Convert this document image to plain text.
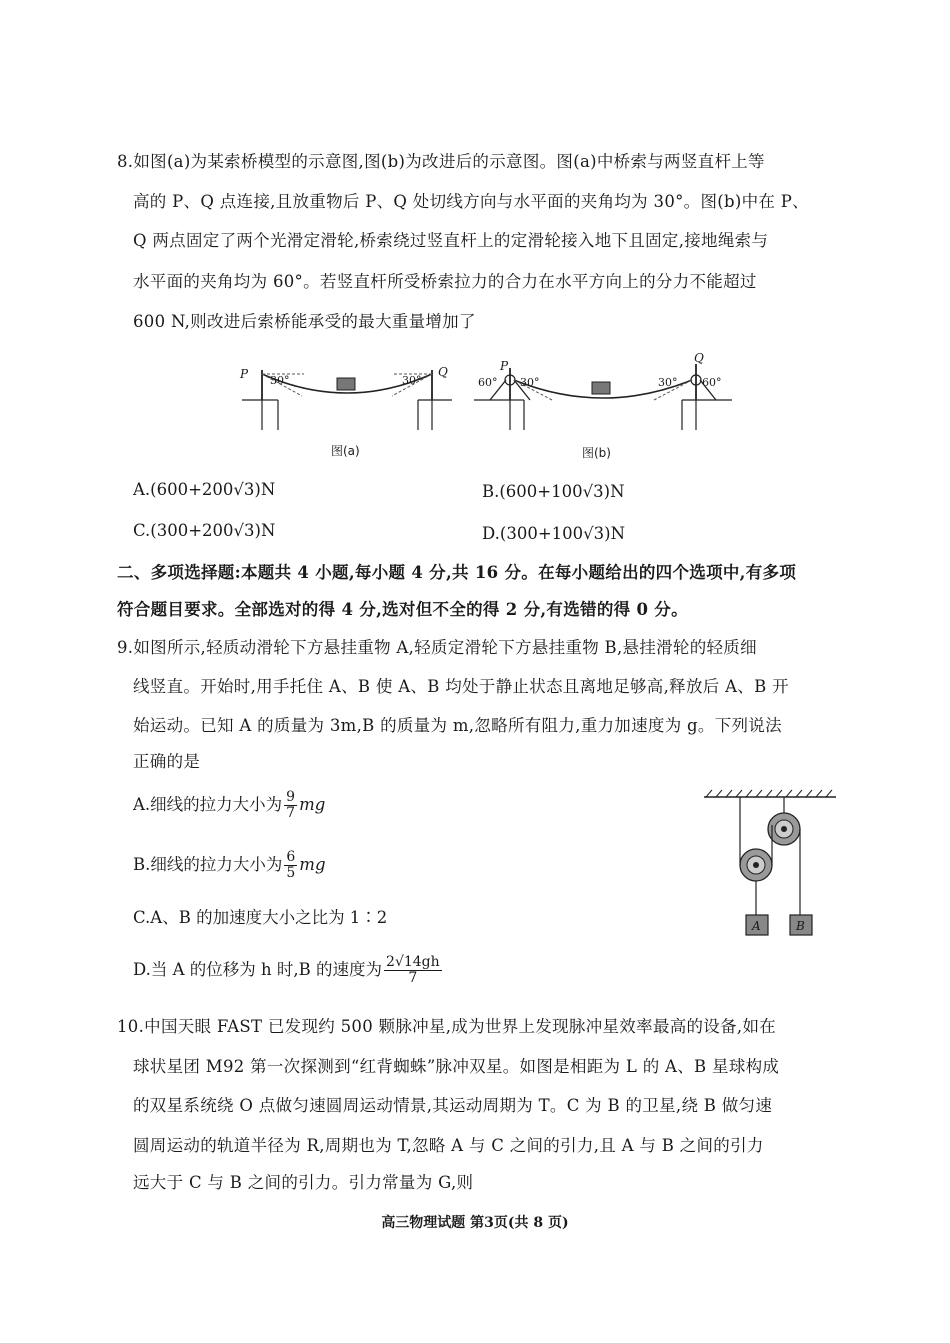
8.如图(a)为某索桥模型的示意图,图(b)为改进后的示意图。图(a)中桥索与两竖直杆上等
高的 P、Q 点连接,且放重物后 P、Q 处切线方向与水平面的夹角均为 30°。图(b)中在 P、
Q 两点固定了两个光滑定滑轮,桥索绕过竖直杆上的定滑轮接入地下且固定,接地绳索与
水平面的夹角均为 60°。若竖直杆所受桥索拉力的合力在水平方向上的分力不能超过
600 N,则改进后索桥能承受的最大重量增加了
P	Q
30°	30°
图(a)
P
Q
60° 30°	30° 60°
图(b)
A.(600+200√3)N	B.(600+100√3)N
C.(300+200√3)N	D.(300+100√3)N
二、多项选择题:本题共 4 小题,每小题 4 分,共 16 分。在每小题给出的四个选项中,有多项
符合题目要求。全部选对的得 4 分,选对但不全的得 2 分,有选错的得 0 分。
9.如图所示,轻质动滑轮下方悬挂重物 A,轻质定滑轮下方悬挂重物 B,悬挂滑轮的轻质细
线竖直。开始时,用手托住 A、B 使 A、B 均处于静止状态且离地足够高,释放后 A、B 开
始运动。已知 A 的质量为 3m,B 的质量为 m,忽略所有阻力,重力加速度为 g。下列说法
正确的是
A.细线的拉力大小为 $\frac{9}{7}$ mg
B.细线的拉力大小为 $\frac{6}{5}$ mg
C.A、B 的加速度大小之比为 1∶2
D.当 A 的位移为 h 时,B 的速度为 $\frac{2√14gh}{7}$
A	B
10.中国天眼 FAST 已发现约 500 颗脉冲星,成为世界上发现脉冲星效率最高的设备,如在
球状星团 M92 第一次探测到“红背蜘蛛”脉冲双星。如图是相距为 L 的 A、B 星球构成
的双星系统绕 O 点做匀速圆周运动情景,其运动周期为 T。C 为 B 的卫星,绕 B 做匀速
圆周运动的轨道半径为 R,周期也为 T,忽略 A 与 C 之间的引力,且 A 与 B 之间的引力
远大于 C 与 B 之间的引力。引力常量为 G,则
高三物理试题 第3页(共 8 页)
